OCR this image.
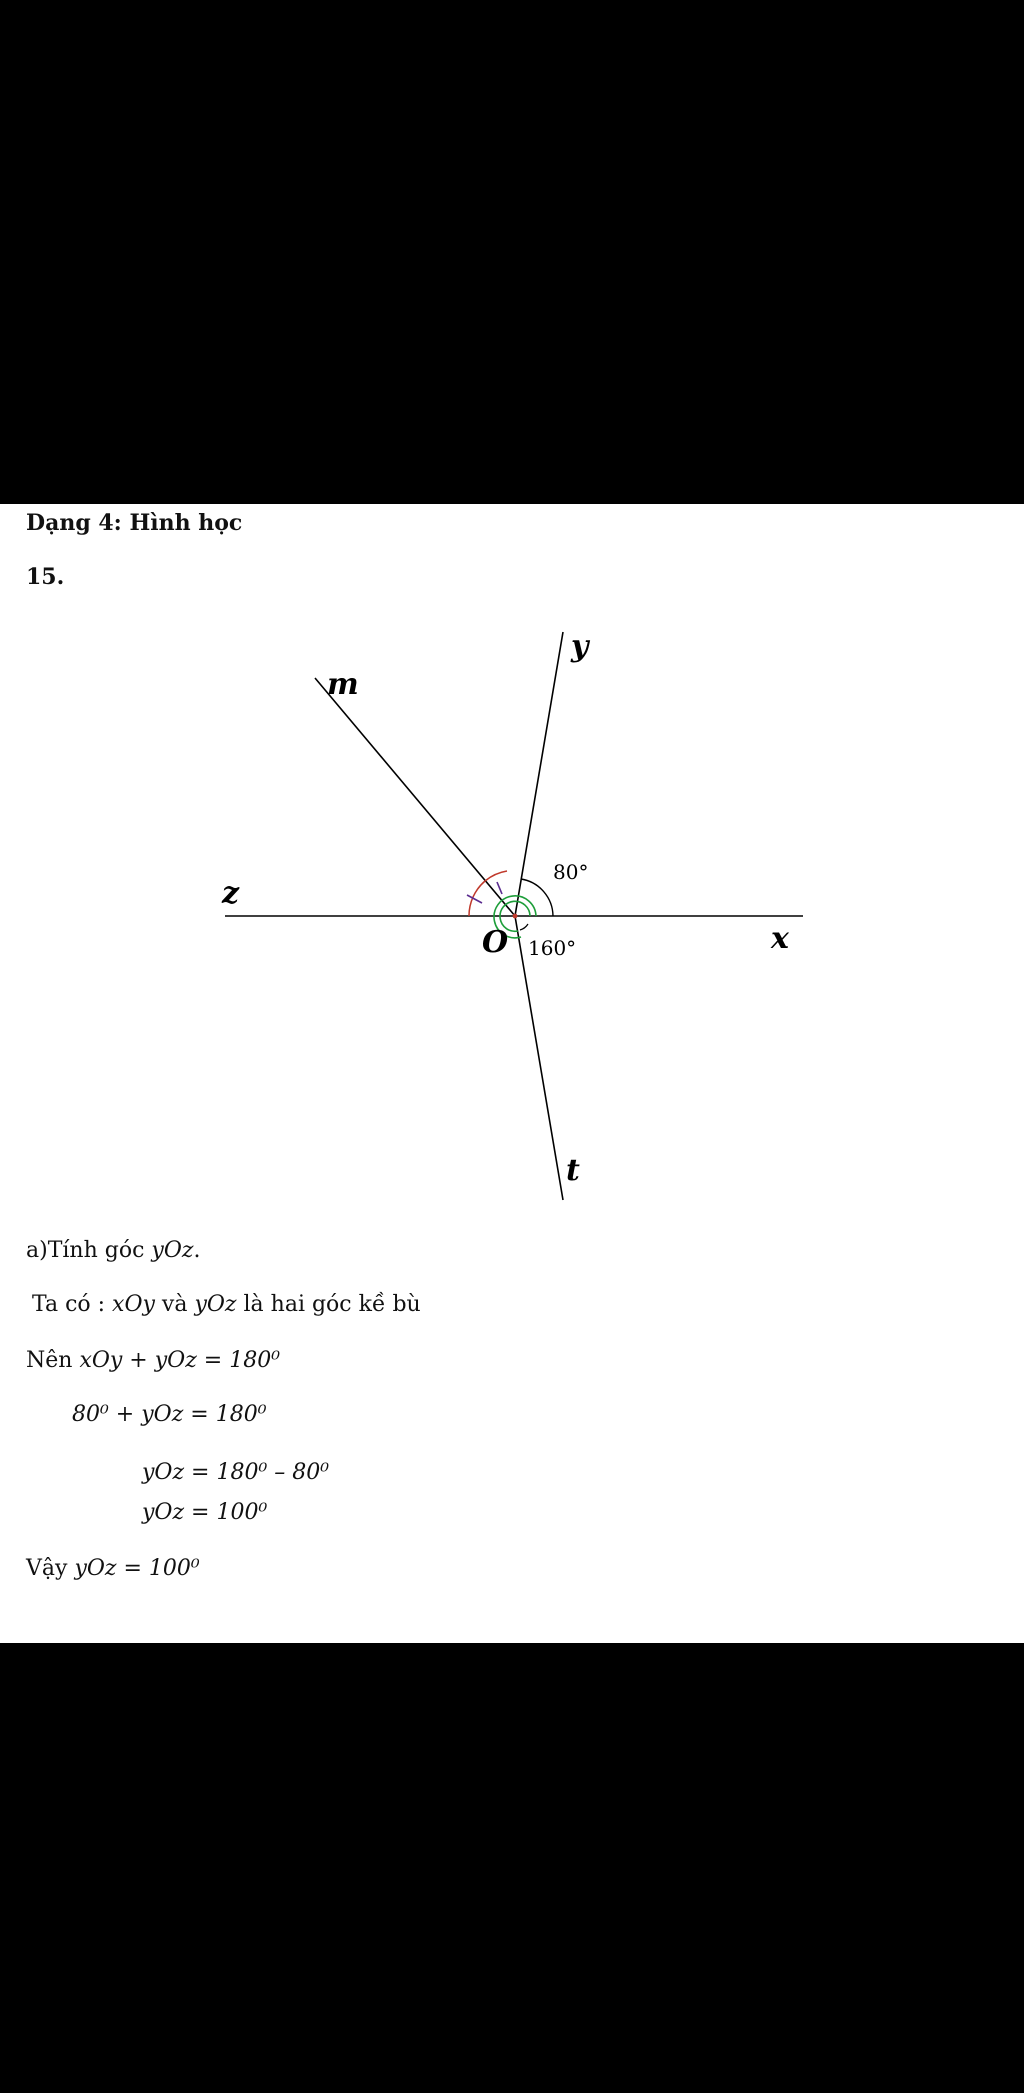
Dạng 4: Hình học
15.
m
y
z
O	x
t
80°
160°
a)Tính góc yOz.
Ta có : xOy và yOz là hai góc kề bù
Nên xOy + yOz = 180⁰
80⁰ + yOz = 180⁰
yOz = 180⁰ – 80⁰
yOz = 100⁰
Vậy yOz = 100⁰
